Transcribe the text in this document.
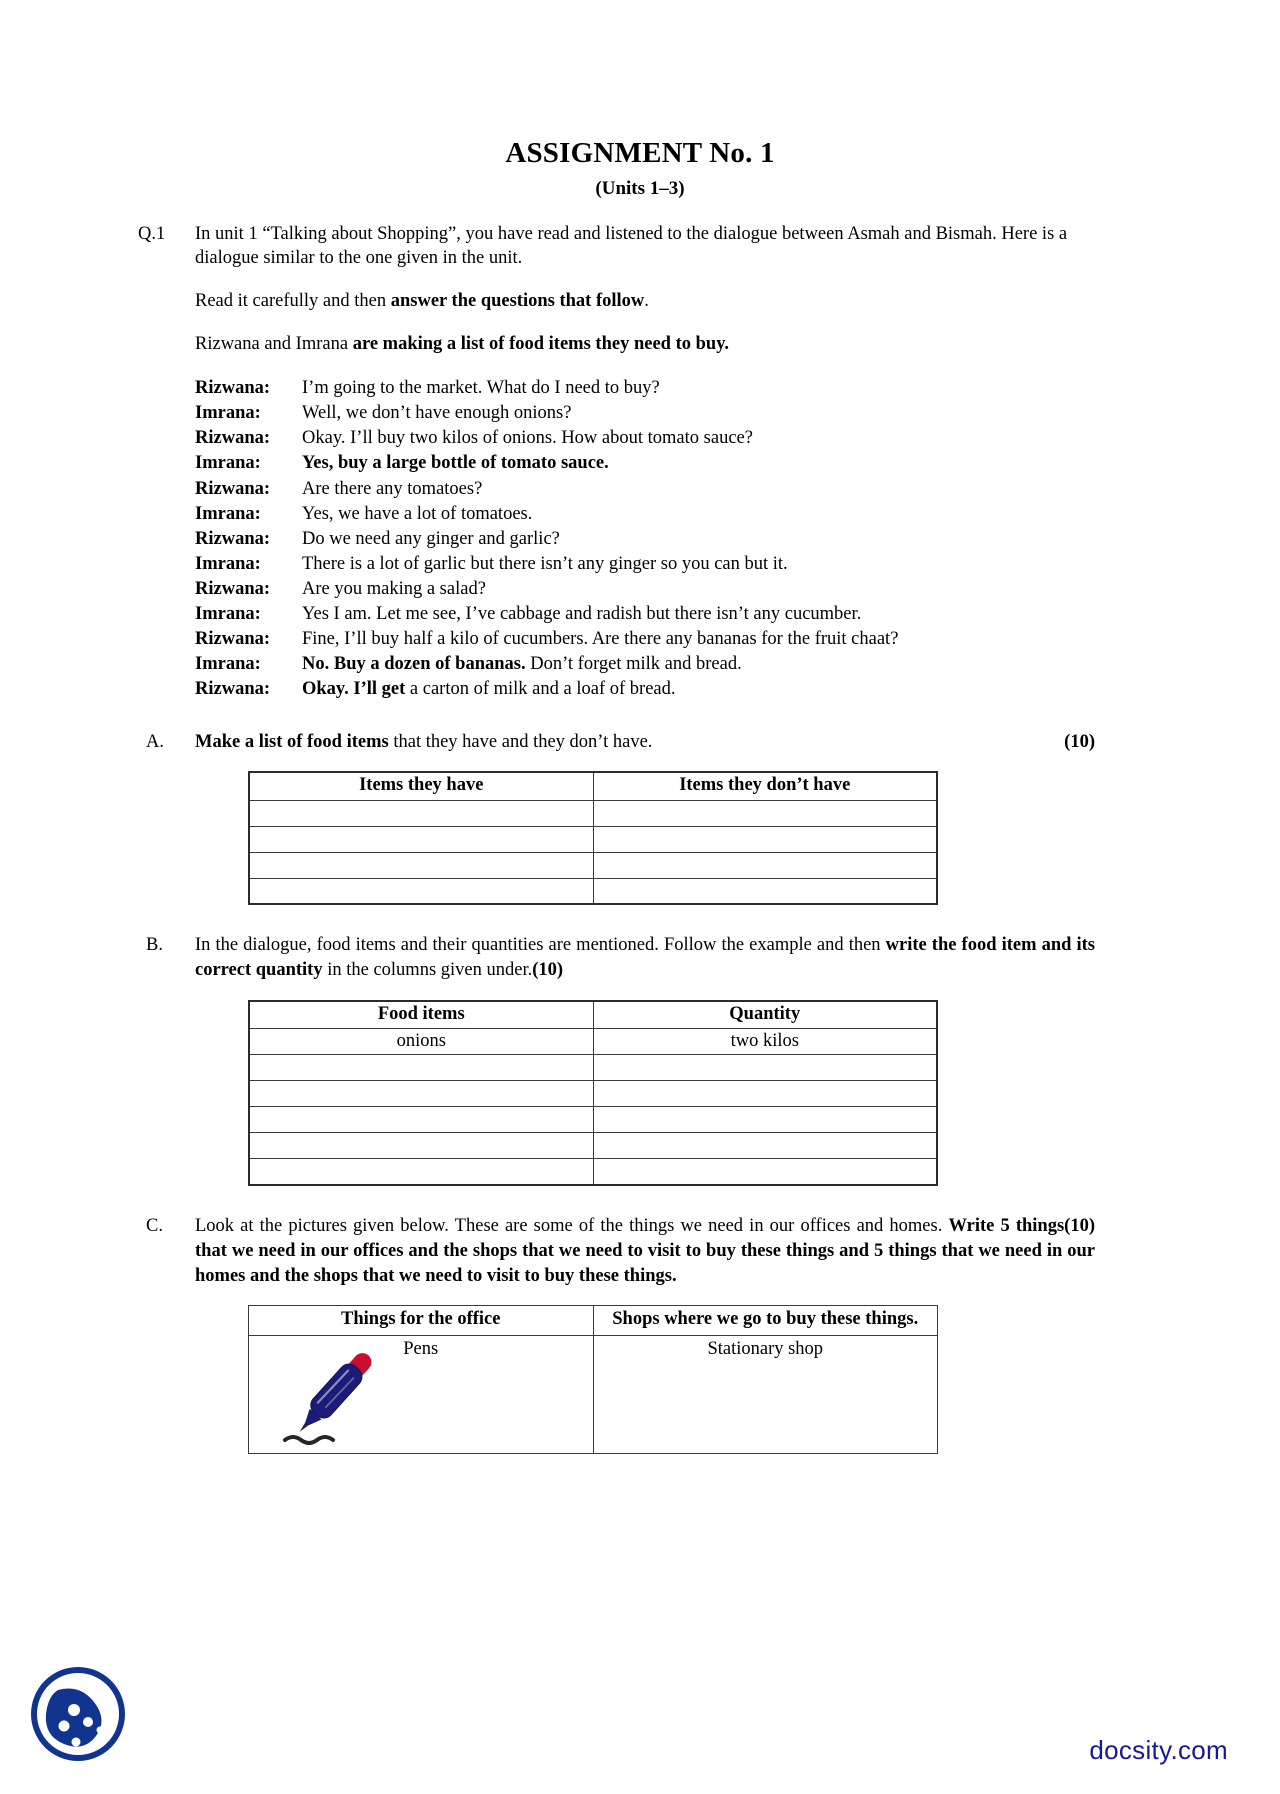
ASSIGNMENT No. 1
(Units 1–3)
Q.1	In unit 1 “Talking about Shopping”, you have read and listened to the dialogue between Asmah and Bismah. Here is a dialogue similar to the one given in the unit.
Read it carefully and then answer the questions that follow.
Rizwana and Imrana are making a list of food items they need to buy.
Rizwana:	I’m going to the market. What do I need to buy?
Imrana:	Well, we don’t have enough onions?
Rizwana:	Okay. I’ll buy two kilos of onions. How about tomato sauce?
Imrana:	Yes, buy a large bottle of tomato sauce.
Rizwana:	Are there any tomatoes?
Imrana:	Yes, we have a lot of tomatoes.
Rizwana:	Do we need any ginger and garlic?
Imrana:	There is a lot of garlic but there isn’t any ginger so you can but it.
Rizwana:	Are you making a salad?
Imrana:	Yes I am. Let me see, I’ve cabbage and radish but there isn’t any cucumber.
Rizwana:	Fine, I’ll buy half a kilo of cucumbers. Are there any bananas for the fruit chaat?
Imrana:	No. Buy a dozen of bananas. Don’t forget milk and bread.
Rizwana:	Okay. I’ll get a carton of milk and a loaf of bread.
A.	(10)
Make a list of food items that they have and they don’t have.
Items they have	Items they don’t have

B.	In the dialogue, food items and their quantities are mentioned. Follow the example and then write the food item and its correct quantity in the columns given under.(10)
Food items	Quantity
onions	two kilos

C.	(10)
Look at the pictures given below. These are some of the things we need in our offices and homes. Write 5 things that we need in our offices and the shops that we need to visit to buy these things and 5 things that we need in our homes and the shops that we need to visit to buy these things.
Things for the office	Shops where we go to buy these things.

Pens	Stationary shop
docsity.com
